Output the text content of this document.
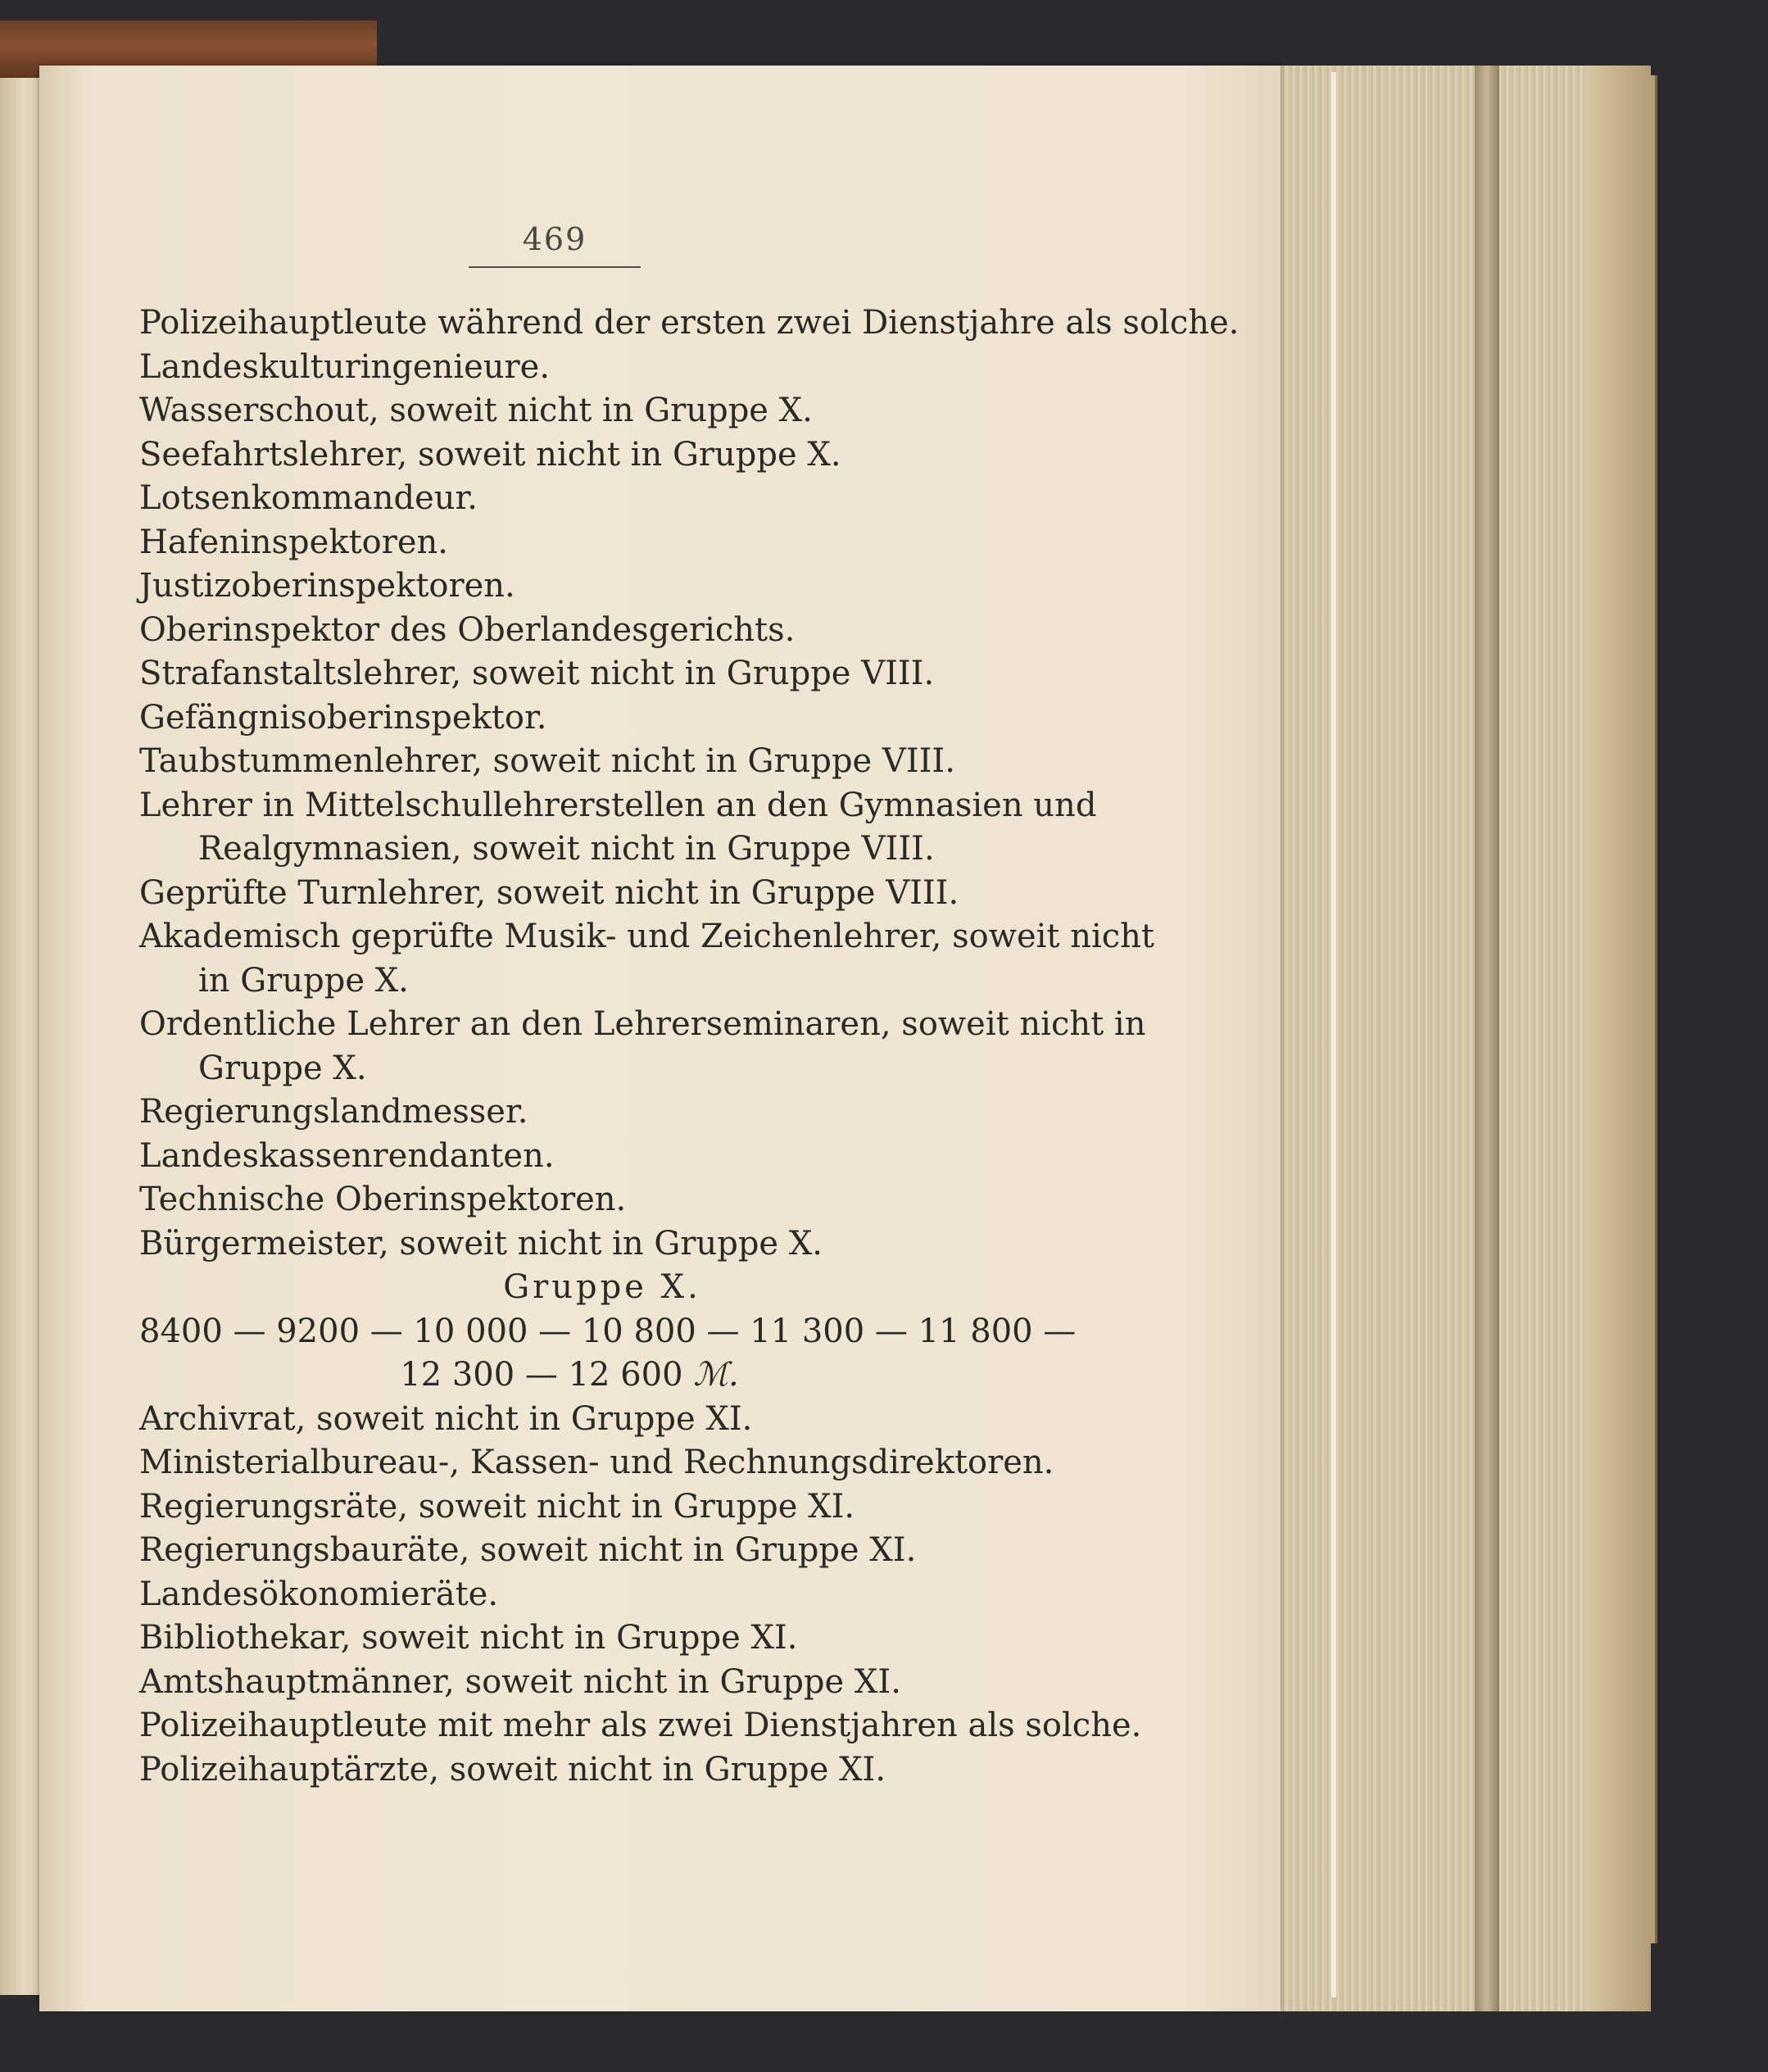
469
Polizeihauptleute während der ersten zwei Dienstjahre als solche.
Landeskulturingenieure.
Wasserschout, soweit nicht in Gruppe X.
Seefahrtslehrer, soweit nicht in Gruppe X.
Lotsenkommandeur.
Hafeninspektoren.
Justizoberinspektoren.
Oberinspektor des Oberlandesgerichts.
Strafanstaltslehrer, soweit nicht in Gruppe VIII.
Gefängnisoberinspektor.
Taubstummenlehrer, soweit nicht in Gruppe VIII.
Lehrer in Mittelschullehrerstellen an den Gymnasien und
Realgymnasien, soweit nicht in Gruppe VIII.
Geprüfte Turnlehrer, soweit nicht in Gruppe VIII.
Akademisch geprüfte Musik- und Zeichenlehrer, soweit nicht
in Gruppe X.
Ordentliche Lehrer an den Lehrerseminaren, soweit nicht in
Gruppe X.
Regierungslandmesser.
Landeskassenrendanten.
Technische Oberinspektoren.
Bürgermeister, soweit nicht in Gruppe X.
Gruppe X.
8400 — 9200 — 10 000 — 10 800 — 11 300 — 11 800 —
12 300 — 12 600 ℳ.
Archivrat, soweit nicht in Gruppe XI.
Ministerialbureau-, Kassen- und Rechnungsdirektoren.
Regierungsräte, soweit nicht in Gruppe XI.
Regierungsbauräte, soweit nicht in Gruppe XI.
Landesökonomieräte.
Bibliothekar, soweit nicht in Gruppe XI.
Amtshauptmänner, soweit nicht in Gruppe XI.
Polizeihauptleute mit mehr als zwei Dienstjahren als solche.
Polizeihauptärzte, soweit nicht in Gruppe XI.
